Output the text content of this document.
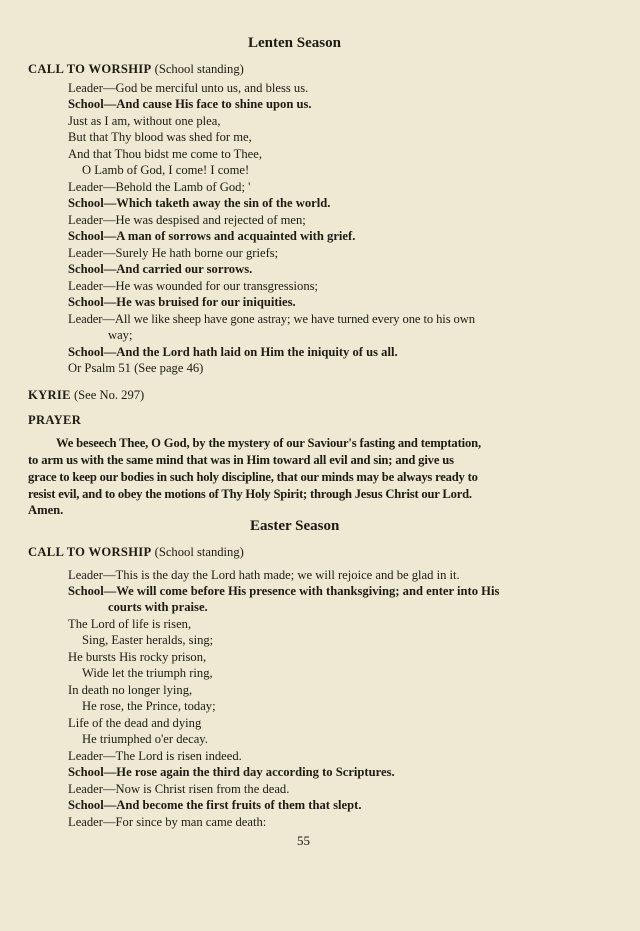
Lenten Season
CALL TO WORSHIP (School standing)
Leader—God be merciful unto us, and bless us.
School—And cause His face to shine upon us.
Just as I am, without one plea,
But that Thy blood was shed for me,
And that Thou bidst me come to Thee,
O Lamb of God, I come! I come!
Leader—Behold the Lamb of God; '
School—Which taketh away the sin of the world.
Leader—He was despised and rejected of men;
School—A man of sorrows and acquainted with grief.
Leader—Surely He hath borne our griefs;
School—And carried our sorrows.
Leader—He was wounded for our transgressions;
School—He was bruised for our iniquities.
Leader—All we like sheep have gone astray; we have turned every one to his own
way;
School—And the Lord hath laid on Him the iniquity of us all.
Or Psalm 51 (See page 46)
KYRIE (See No. 297)
PRAYER
We beseech Thee, O God, by the mystery of our Saviour's fasting and temptation,
to arm us with the same mind that was in Him toward all evil and sin; and give us
grace to keep our bodies in such holy discipline, that our minds may be always ready to
resist evil, and to obey the motions of Thy Holy Spirit; through Jesus Christ our Lord.
Amen.
Easter Season
CALL TO WORSHIP (School standing)
Leader—This is the day the Lord hath made; we will rejoice and be glad in it.
School—We will come before His presence with thanksgiving; and enter into His
courts with praise.
The Lord of life is risen,
Sing, Easter heralds, sing;
He bursts His rocky prison,
Wide let the triumph ring,
In death no longer lying,
He rose, the Prince, today;
Life of the dead and dying
He triumphed o'er decay.
Leader—The Lord is risen indeed.
School—He rose again the third day according to Scriptures.
Leader—Now is Christ risen from the dead.
School—And become the first fruits of them that slept.
Leader—For since by man came death:
55
